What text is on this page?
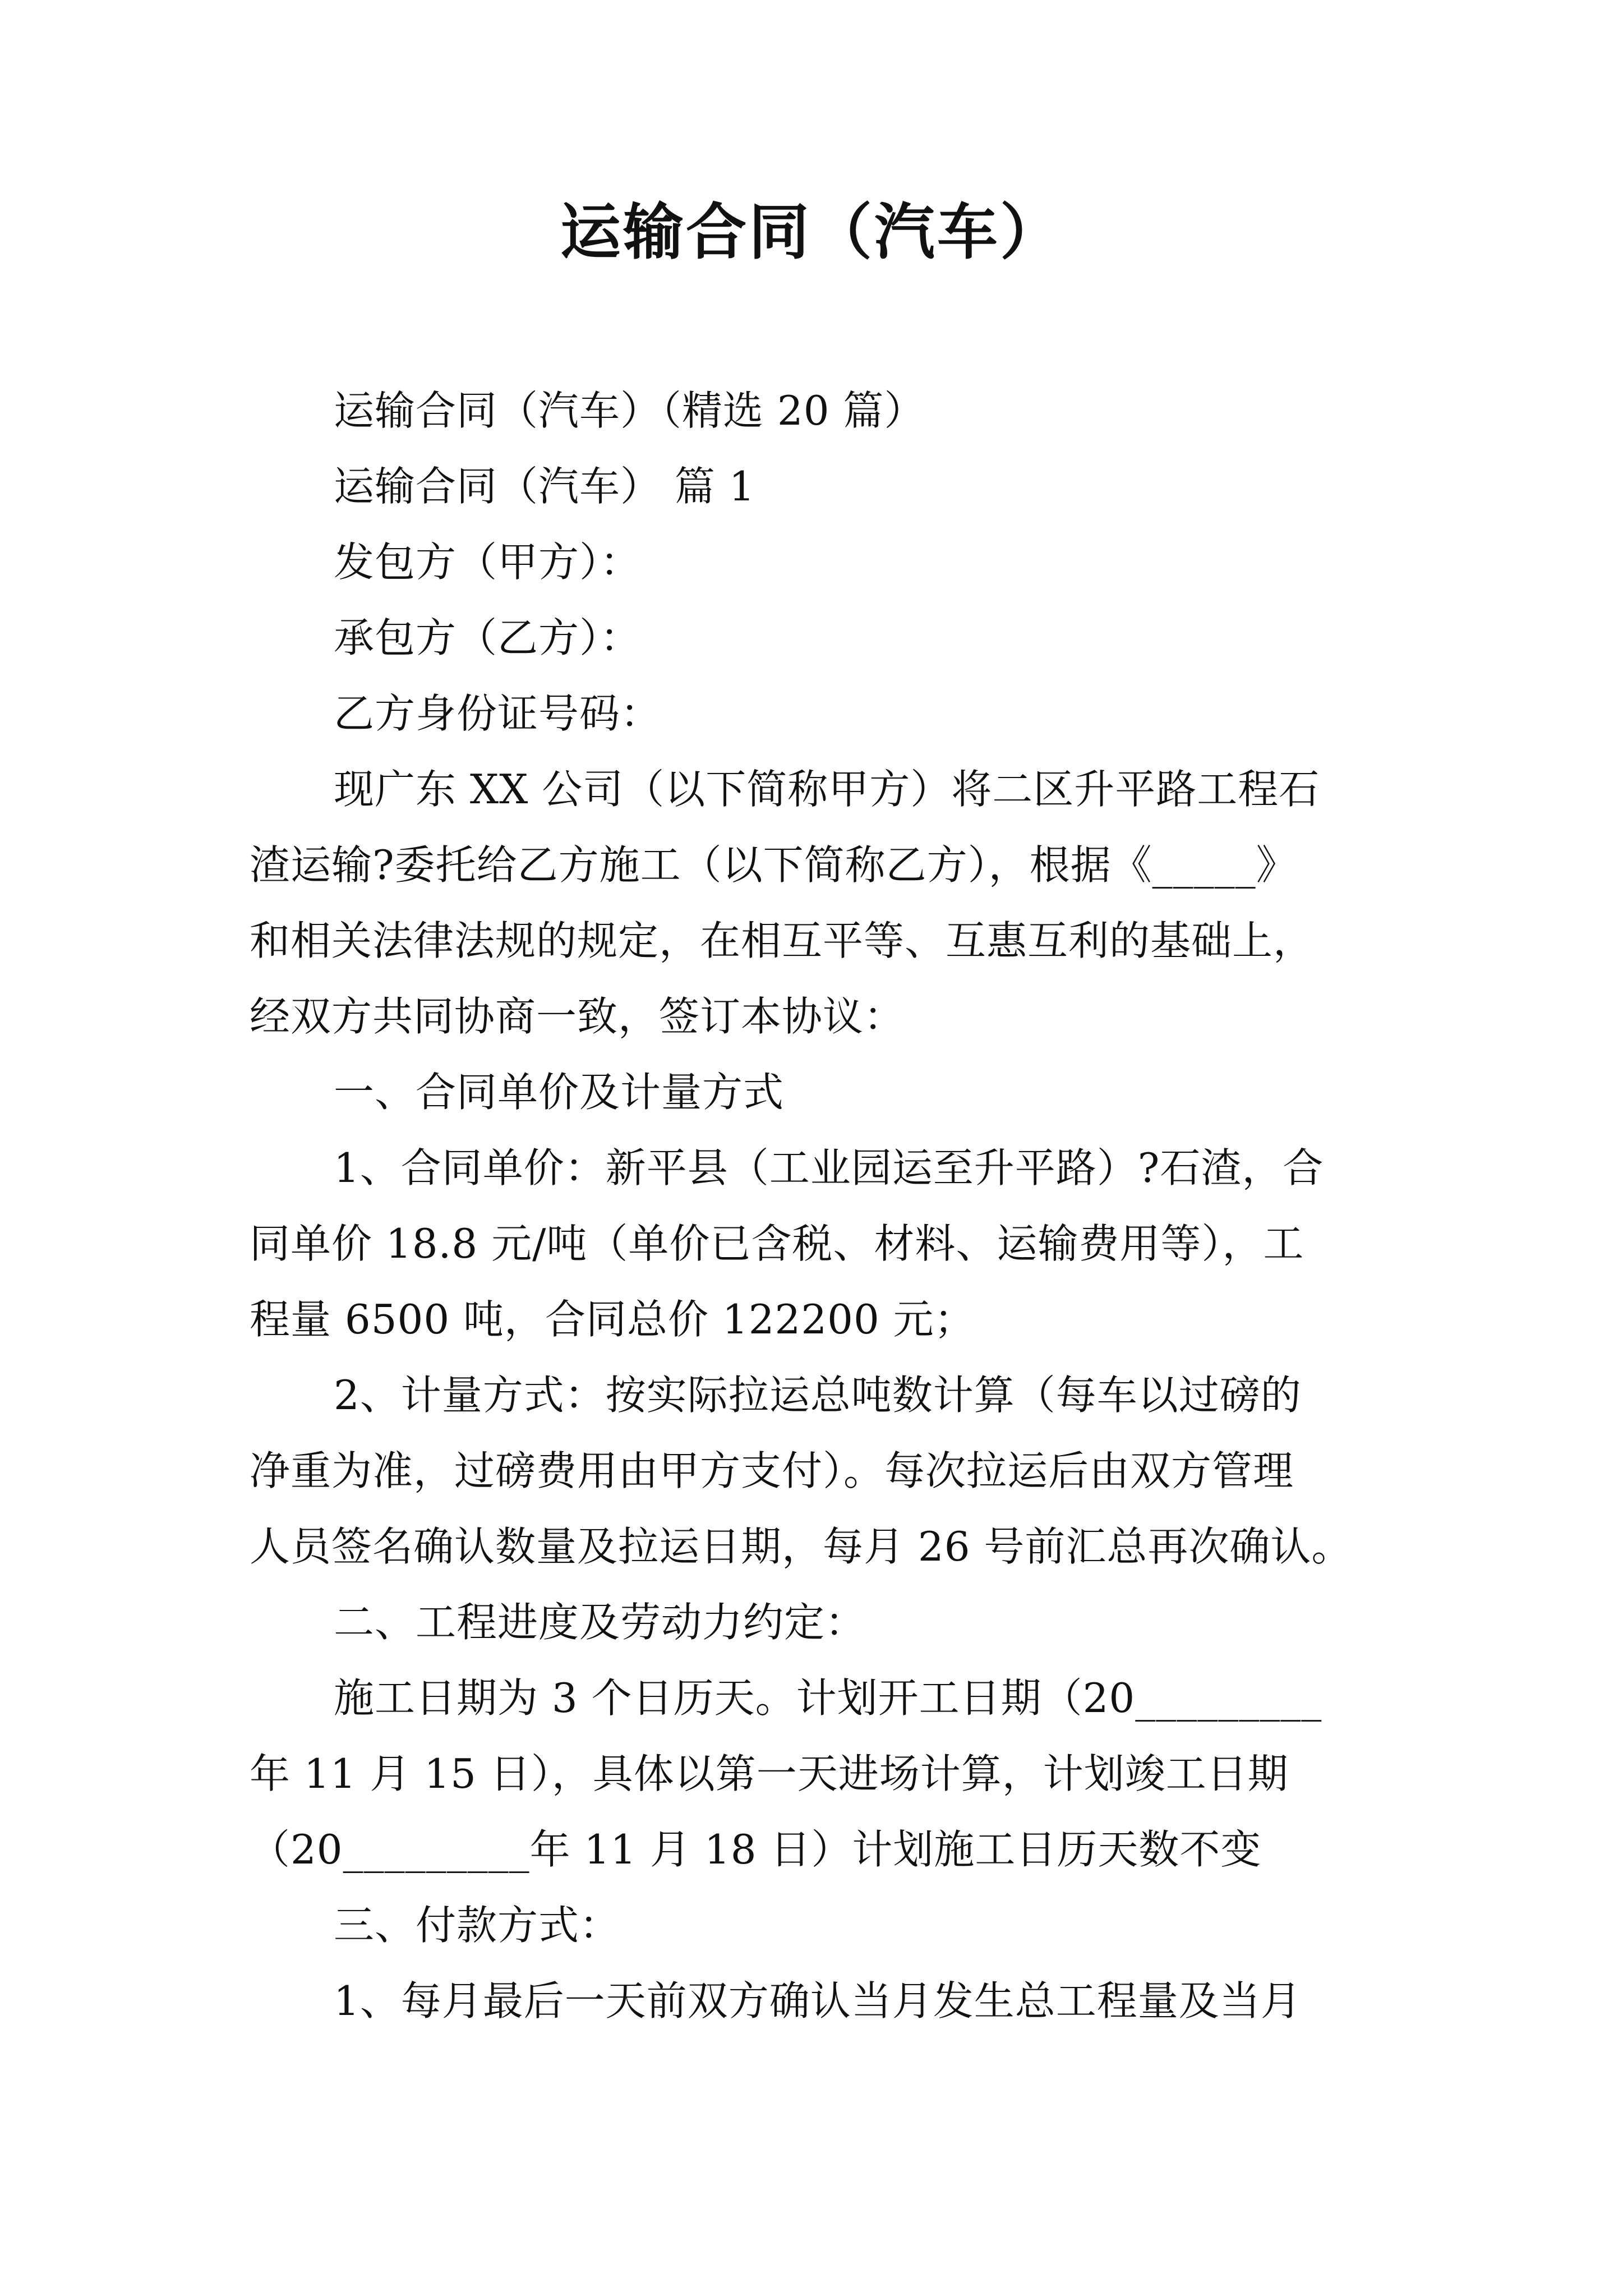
运输合同（汽车）
运输合同（汽车）（精选 20 篇）
运输合同（汽车） 篇 1
发包方（甲方）：
承包方（乙方）：
乙方身份证号码：
现广东 XX 公司（以下简称甲方）将二区升平路工程石
渣运输?委托给乙方施工（以下简称乙方），根据《_____》
和相关法律法规的规定，在相互平等、互惠互利的基础上，
经双方共同协商一致，签订本协议：
一、合同单价及计量方式
1、合同单价：新平县（工业园运至升平路）?石渣，合
同单价 18.8 元/吨（单价已含税、材料、运输费用等），工
程量 6500 吨，合同总价 122200 元；
2、计量方式：按实际拉运总吨数计算（每车以过磅的
净重为准，过磅费用由甲方支付）。每次拉运后由双方管理
人员签名确认数量及拉运日期，每月 26 号前汇总再次确认。
二、工程进度及劳动力约定：
施工日期为 3 个日历天。计划开工日期（20_________
年 11 月 15 日），具体以第一天进场计算，计划竣工日期
（20_________年 11 月 18 日）计划施工日历天数不变
三、付款方式：
1、每月最后一天前双方确认当月发生总工程量及当月
